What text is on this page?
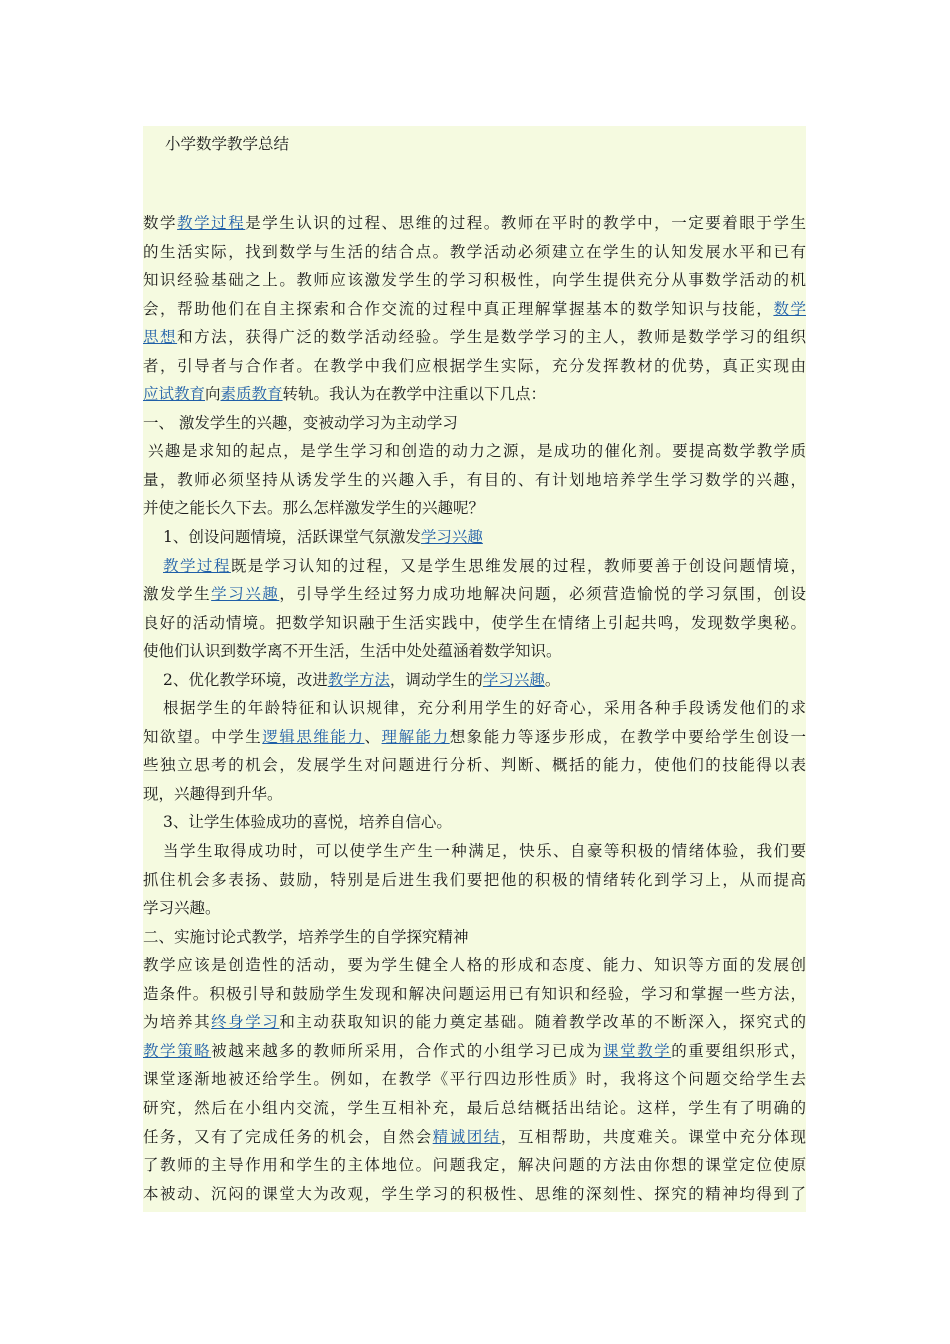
小学数学教学总结
数学教学过程是学生认识的过程、思维的过程。教师在平时的教学中，一定要着眼于学生
的生活实际，找到数学与生活的结合点。教学活动必须建立在学生的认知发展水平和已有
知识经验基础之上。教师应该激发学生的学习积极性，向学生提供充分从事数学活动的机
会，帮助他们在自主探索和合作交流的过程中真正理解掌握基本的数学知识与技能，数学
思想和方法，获得广泛的数学活动经验。学生是数学学习的主人，教师是数学学习的组织
者，引导者与合作者。在教学中我们应根据学生实际，充分发挥教材的优势，真正实现由
应试教育向素质教育转轨。我认为在教学中注重以下几点：
一、 激发学生的兴趣，变被动学习为主动学习
兴趣是求知的起点，是学生学习和创造的动力之源，是成功的催化剂。要提高数学教学质
量，教师必须坚持从诱发学生的兴趣入手，有目的、有计划地培养学生学习数学的兴趣，
并使之能长久下去。那么怎样激发学生的兴趣呢？
1、创设问题情境，活跃课堂气氛激发学习兴趣
教学过程既是学习认知的过程，又是学生思维发展的过程，教师要善于创设问题情境，
激发学生学习兴趣，引导学生经过努力成功地解决问题，必须营造愉悦的学习氛围，创设
良好的活动情境。把数学知识融于生活实践中，使学生在情绪上引起共鸣，发现数学奥秘。
使他们认识到数学离不开生活，生活中处处蕴涵着数学知识。
2、优化教学环境，改进教学方法，调动学生的学习兴趣。
根据学生的年龄特征和认识规律，充分利用学生的好奇心，采用各种手段诱发他们的求
知欲望。中学生逻辑思维能力、理解能力想象能力等逐步形成，在教学中要给学生创设一
些独立思考的机会，发展学生对问题进行分析、判断、概括的能力，使他们的技能得以表
现，兴趣得到升华。
3、让学生体验成功的喜悦，培养自信心。
当学生取得成功时，可以使学生产生一种满足，快乐、自豪等积极的情绪体验，我们要
抓住机会多表扬、鼓励，特别是后进生我们要把他的积极的情绪转化到学习上，从而提高
学习兴趣。
二、实施讨论式教学，培养学生的自学探究精神
教学应该是创造性的活动，要为学生健全人格的形成和态度、能力、知识等方面的发展创
造条件。积极引导和鼓励学生发现和解决问题运用已有知识和经验，学习和掌握一些方法，
为培养其终身学习和主动获取知识的能力奠定基础。随着教学改革的不断深入，探究式的
教学策略被越来越多的教师所采用，合作式的小组学习已成为课堂教学的重要组织形式，
课堂逐渐地被还给学生。例如，在教学《平行四边形性质》时，我将这个问题交给学生去
研究，然后在小组内交流，学生互相补充，最后总结概括出结论。这样，学生有了明确的
任务，又有了完成任务的机会，自然会精诚团结，互相帮助，共度难关。课堂中充分体现
了教师的主导作用和学生的主体地位。问题我定，解决问题的方法由你想的课堂定位使原
本被动、沉闷的课堂大为改观，学生学习的积极性、思维的深刻性、探究的精神均得到了
